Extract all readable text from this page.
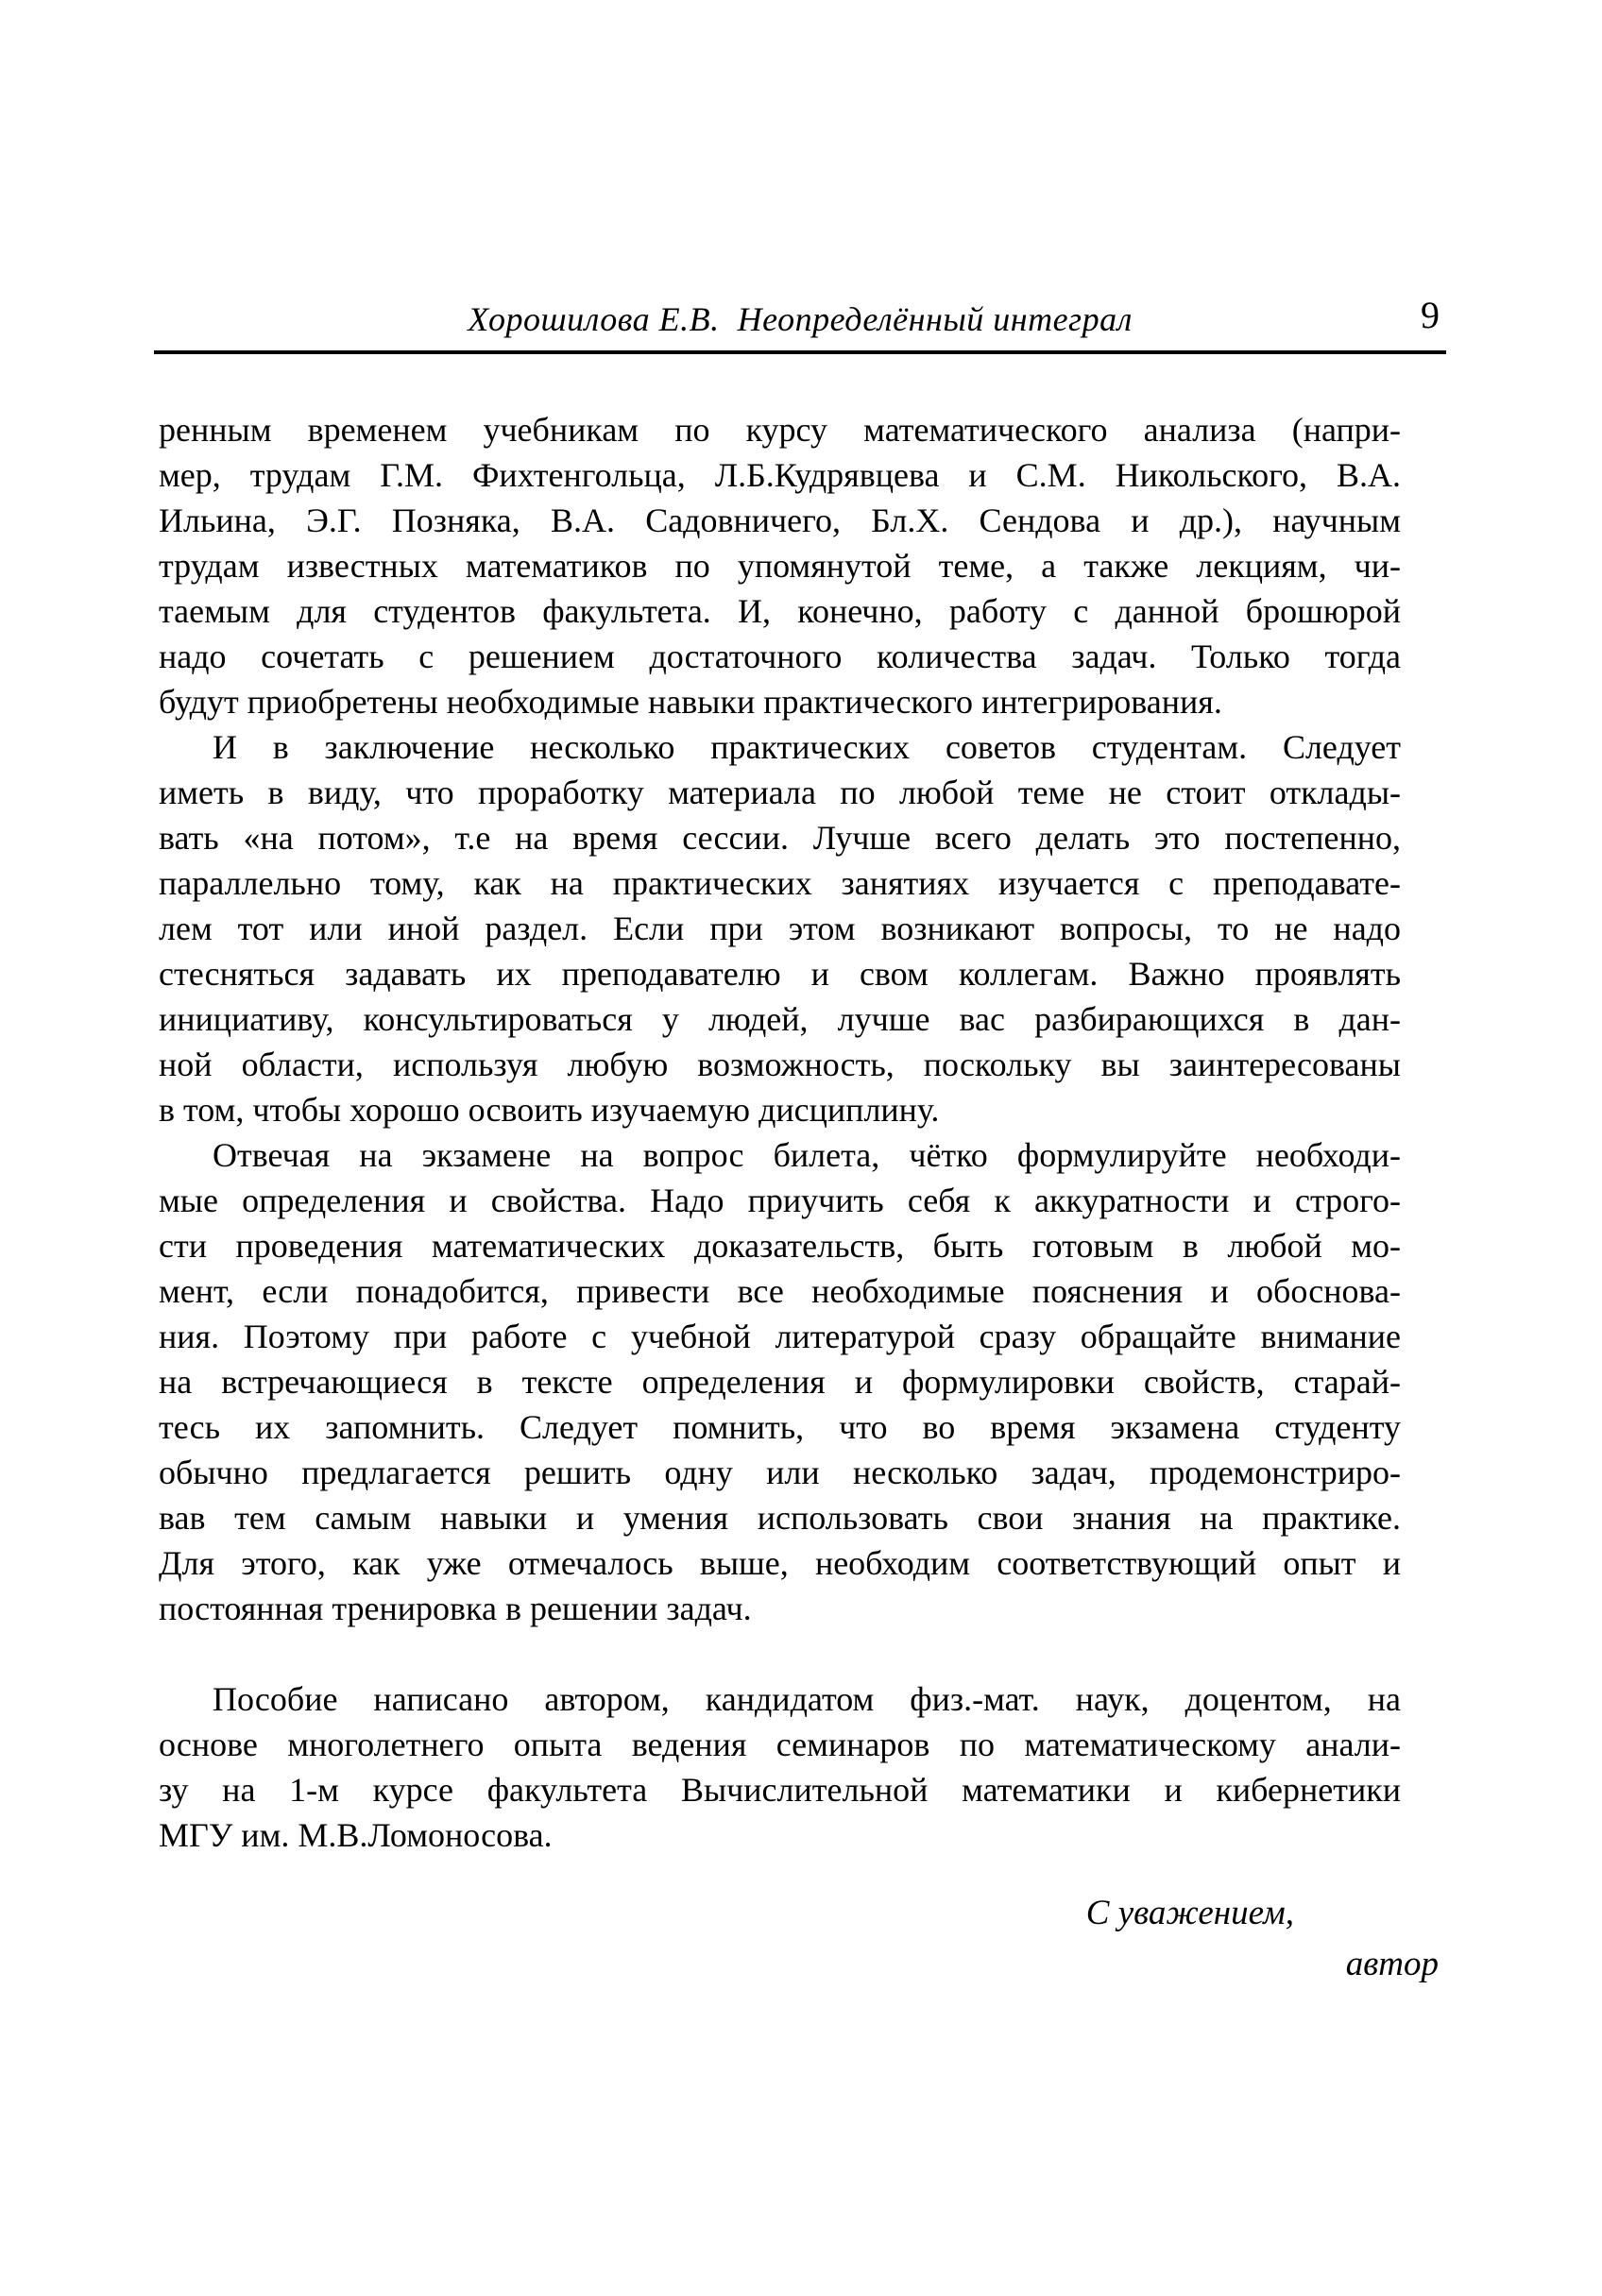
Хорошилова Е.В.  Неопределённый интеграл	9
ренным временем учебникам по курсу математического анализа (напри-
мер, трудам Г.М. Фихтенгольца, Л.Б.Кудрявцева и С.М. Никольского, В.А.
Ильина, Э.Г. Позняка, В.А. Садовничего, Бл.Х. Сендова и др.), научным
трудам известных математиков по упомянутой теме, а также лекциям, чи-
таемым для студентов факультета. И, конечно, работу с данной брошюрой
надо сочетать с решением достаточного количества задач. Только тогда
будут приобретены необходимые навыки практического интегрирования.
И в заключение несколько практических советов студентам. Следует
иметь в виду, что проработку материала по любой теме не стоит отклады-
вать «на потом», т.е на время сессии. Лучше всего делать это постепенно,
параллельно тому, как на практических занятиях изучается с преподавате-
лем тот или иной раздел. Если при этом возникают вопросы, то не надо
стесняться задавать их преподавателю и свом коллегам. Важно проявлять
инициативу, консультироваться у людей, лучше вас разбирающихся в дан-
ной области, используя любую возможность, поскольку вы заинтересованы
в том, чтобы хорошо освоить изучаемую дисциплину.
Отвечая на экзамене на вопрос билета, чётко формулируйте необходи-
мые определения и свойства. Надо приучить себя к аккуратности и строго-
сти проведения математических доказательств, быть готовым в любой мо-
мент, если понадобится, привести все необходимые пояснения и обоснова-
ния. Поэтому при работе с учебной литературой сразу обращайте внимание
на встречающиеся в тексте определения и формулировки свойств, старай-
тесь их запомнить. Следует помнить, что во время экзамена студенту
обычно предлагается решить одну или несколько задач, продемонстриро-
вав тем самым навыки и умения использовать свои знания на практике.
Для этого, как уже отмечалось выше, необходим соответствующий опыт и
постоянная тренировка в решении задач.
Пособие написано автором, кандидатом физ.-мат. наук, доцентом, на
основе многолетнего опыта ведения семинаров по математическому анали-
зу на 1-м курсе факультета Вычислительной математики и кибернетики
МГУ им. М.В.Ломоносова.
С уважением,
автор
